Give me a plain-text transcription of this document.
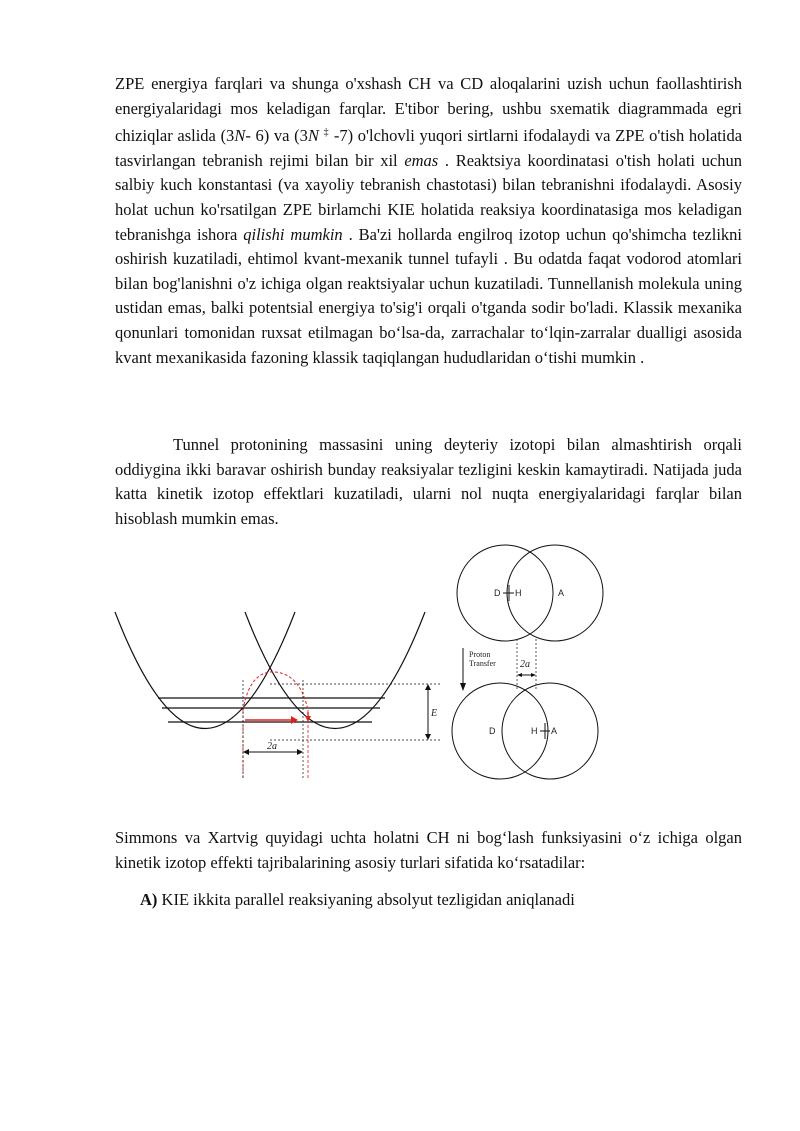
ZPE energiya farqlari va shunga o'xshash CH va CD aloqalarini uzish uchun faollashtirish energiyalaridagi mos keladigan farqlar. E'tibor bering, ushbu sxematik diagrammada egri chiziqlar aslida (3N- 6) va (3N ‡ -7) o'lchovli yuqori sirtlarni ifodalaydi va ZPE o'tish holatida tasvirlangan tebranish rejimi bilan bir xil emas . Reaktsiya koordinatasi o'tish holati uchun salbiy kuch konstantasi (va xayoliy tebranish chastotasi) bilan tebranishni ifodalaydi. Asosiy holat uchun ko'rsatilgan ZPE birlamchi KIE holatida reaksiya koordinatasiga mos keladigan tebranishga ishora qilishi mumkin . Ba'zi hollarda engilroq izotop uchun qo'shimcha tezlikni oshirish kuzatiladi, ehtimol kvant-mexanik tunnel tufayli . Bu odatda faqat vodorod atomlari bilan bog'lanishni o'z ichiga olgan reaktsiyalar uchun kuzatiladi. Tunnellanish molekula uning ustidan emas, balki potentsial energiya to'sig'i orqali o'tganda sodir bo'ladi. Klassik mexanika qonunlari tomonidan ruxsat etilmagan bo‘lsa-da, zarrachalar to‘lqin-zarralar dualligi asosida kvant mexanikasida fazoning klassik taqiqlangan hududlaridan o‘tishi mumkin .

Tunnel protonining massasini uning deyteriy izotopi bilan almashtirish orqali oddiygina ikki baravar oshirish bunday reaksiyalar tezligini keskin kamaytiradi. Natijada juda katta kinetik izotop effektlari kuzatiladi, ularni nol nuqta energiyalaridagi farqlar bilan hisoblash mumkin emas.

E
2a
D H	A
Proton
Transfer 2a
D	H A

Simmons va Xartvig quyidagi uchta holatni CH ni bog‘lash funksiyasini o‘z ichiga olgan kinetik izotop effekti tajribalarining asosiy turlari sifatida ko‘rsatadilar:

A) KIE ikkita parallel reaksiyaning absolyut tezligidan aniqlanadi
